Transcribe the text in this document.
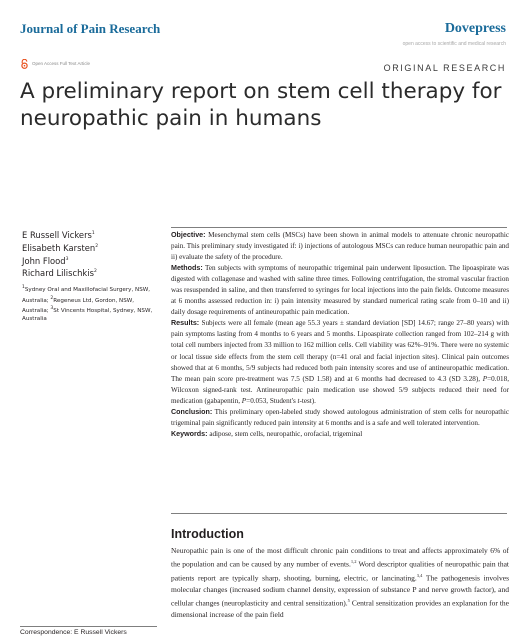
Journal of Pain Research	Dovepress
open access to scientific and medical research
Open Access Full Text Article	ORIGINAL RESEARCH
A preliminary report on stem cell therapy for neuropathic pain in humans
E Russell Vickers$^1$
Elisabeth Karsten$^2$
John Flood$^3$
Richard Lilischkis$^2$
$^1$Sydney Oral and Maxillofacial Surgery, NSW, Australia; $^2$Regeneus Ltd, Gordon, NSW, Australia; $^3$St Vincents Hospital, Sydney, NSW, Australia

Objective: Mesenchymal stem cells (MSCs) have been shown in animal models to attenuate chronic neuropathic pain. This preliminary study investigated if: i) injections of autologous MSCs can reduce human neuropathic pain and ii) evaluate the safety of the procedure.

Methods: Ten subjects with symptoms of neuropathic trigeminal pain underwent liposuction. The lipoaspirate was digested with collagenase and washed with saline three times. Following centrifugation, the stromal vascular fraction was resuspended in saline, and then transferred to syringes for local injections into the pain fields. Outcome measures at 6 months assessed reduction in: i) pain intensity measured by standard numerical rating scale from 0–10 and ii) daily dosage requirements of antineuropathic pain medication.

Results: Subjects were all female (mean age 55.3 years ± standard deviation [SD] 14.67; range 27–80 years) with pain symptoms lasting from 4 months to 6 years and 5 months. Lipoaspirate collection ranged from 102–214 g with total cell numbers injected from 33 million to 162 million cells. Cell viability was 62%–91%. There were no systemic or local tissue side effects from the stem cell therapy (n=41 oral and facial injection sites). Clinical pain outcomes showed that at 6 months, 5/9 subjects had reduced both pain intensity scores and use of antineuropathic medication. The mean pain score pre-treatment was 7.5 (SD 1.58) and at 6 months had decreased to 4.3 (SD 3.28), P=0.018, Wilcoxon signed-rank test. Antineuropathic pain medication use showed 5/9 subjects reduced their need for medication (gabapentin, P=0.053, Student's t-test).

Conclusion: This preliminary open-labeled study showed autologous administration of stem cells for neuropathic trigeminal pain significantly reduced pain intensity at 6 months and is a safe and well tolerated intervention.

Keywords: adipose, stem cells, neuropathic, orofacial, trigeminal

Introduction
Neuropathic pain is one of the most difficult chronic pain conditions to treat and affects approximately 6% of the population and can be caused by any number of events.$^{1,2}$ Word descriptor qualities of neuropathic pain that patients report are typically sharp, shooting, burning, electric, or lancinating.$^{3,4}$ The pathogenesis involves molecular changes (increased sodium channel density, expression of substance P and nerve growth factor), and cellular changes (neuroplasticity and central sensitization).$^5$ Central sensitization provides an explanation for the dimensional increase of the pain field
Correspondence: E Russell Vickers
